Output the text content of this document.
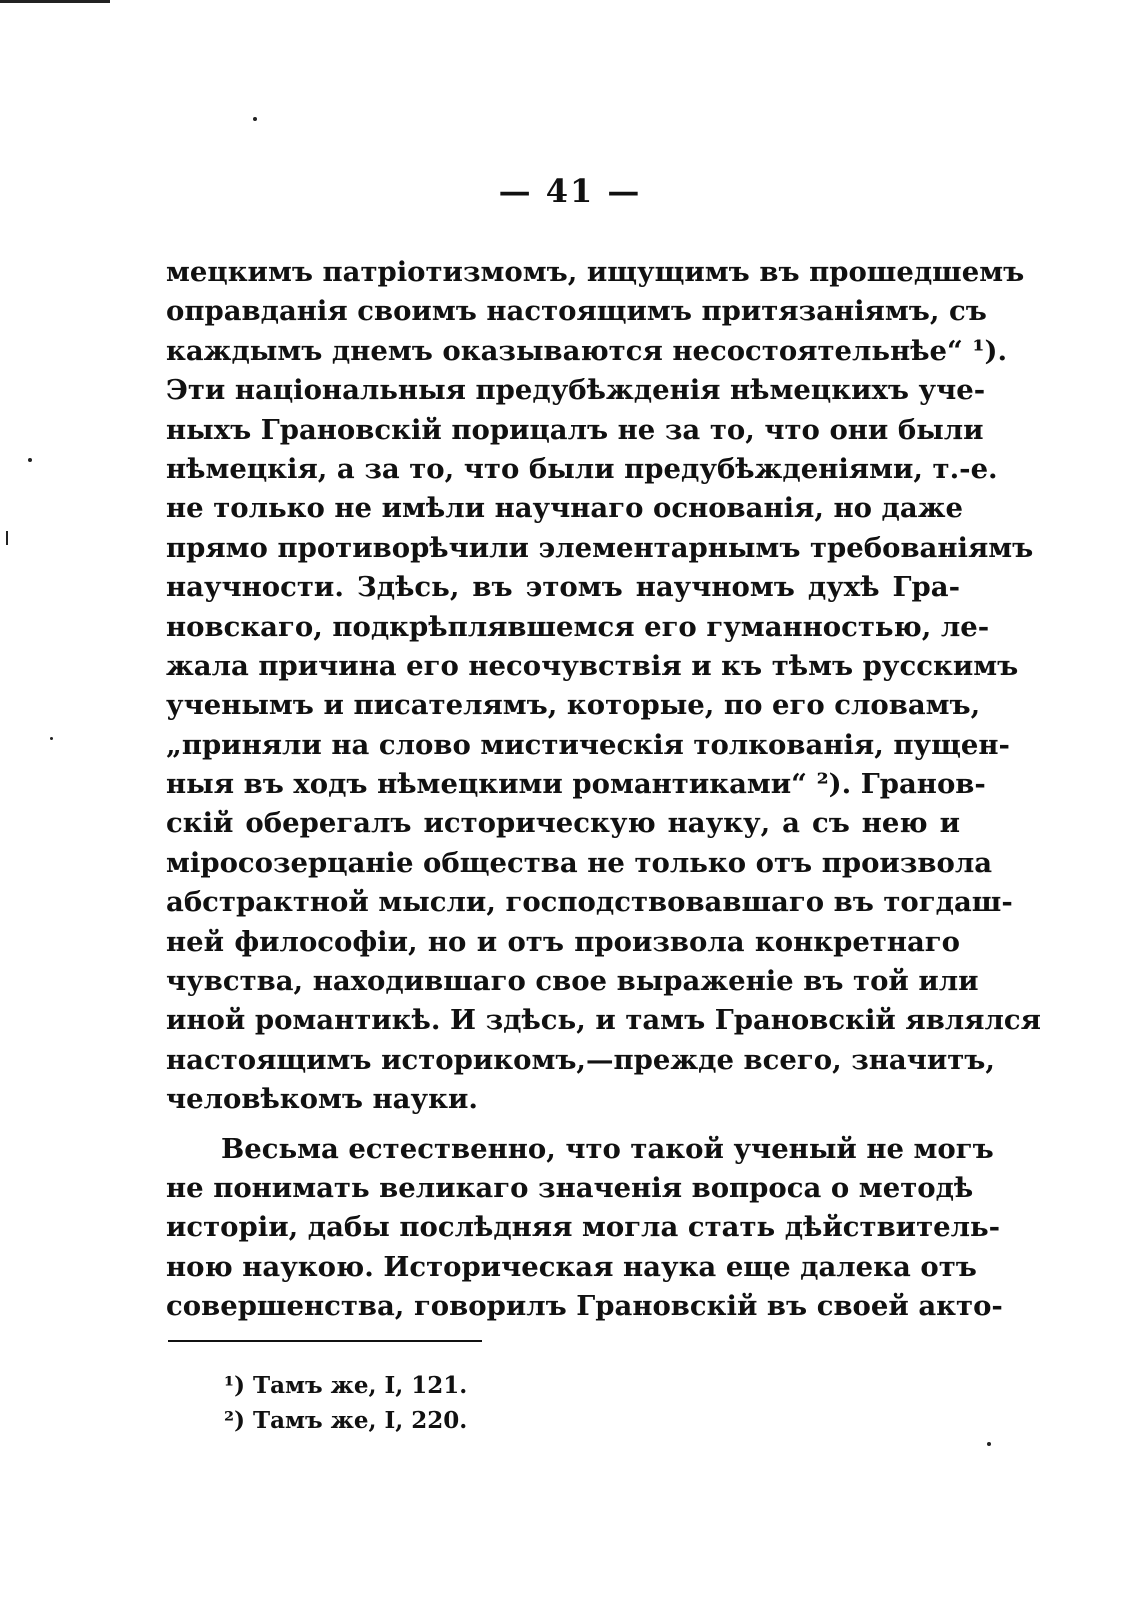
— 41 —
мецкимъ патріотизмомъ, ищущимъ въ прошедшемъ
оправданія своимъ настоящимъ притязаніямъ, съ
каждымъ днемъ оказываются несостоятельнѣе“ ¹).
Эти національныя предубѣжденія нѣмецкихъ уче-
ныхъ Грановскій порицалъ не за то, что они были
нѣмецкія, а за то, что были предубѣжденіями, т.-е.
не только не имѣли научнаго основанія, но даже
прямо противорѣчили элементарнымъ требованіямъ
научности. Здѣсь, въ этомъ научномъ духѣ Гра-
новскаго, подкрѣплявшемся его гуманностью, ле-
жала причина его несочувствія и къ тѣмъ русскимъ
ученымъ и писателямъ, которые, по его словамъ,
„приняли на слово мистическія толкованія, пущен-
ныя въ ходъ нѣмецкими романтиками“ ²). Гранов-
скій оберегалъ историческую науку, а съ нею и
міросозерцаніе общества не только отъ произвола
абстрактной мысли, господствовавшаго въ тогдаш-
ней философіи, но и отъ произвола конкретнаго
чувства, находившаго свое выраженіе въ той или
иной романтикѣ. И здѣсь, и тамъ Грановскій являлся
настоящимъ историкомъ,—прежде всего, значитъ,
человѣкомъ науки.
Весьма естественно, что такой ученый не могъ
не понимать великаго значенія вопроса о методѣ
исторіи, дабы послѣдняя могла стать дѣйствитель-
ною наукою. Историческая наука еще далека отъ
совершенства, говорилъ Грановскій въ своей акто-
¹) Тамъ же, I, 121.
²) Тамъ же, I, 220.
